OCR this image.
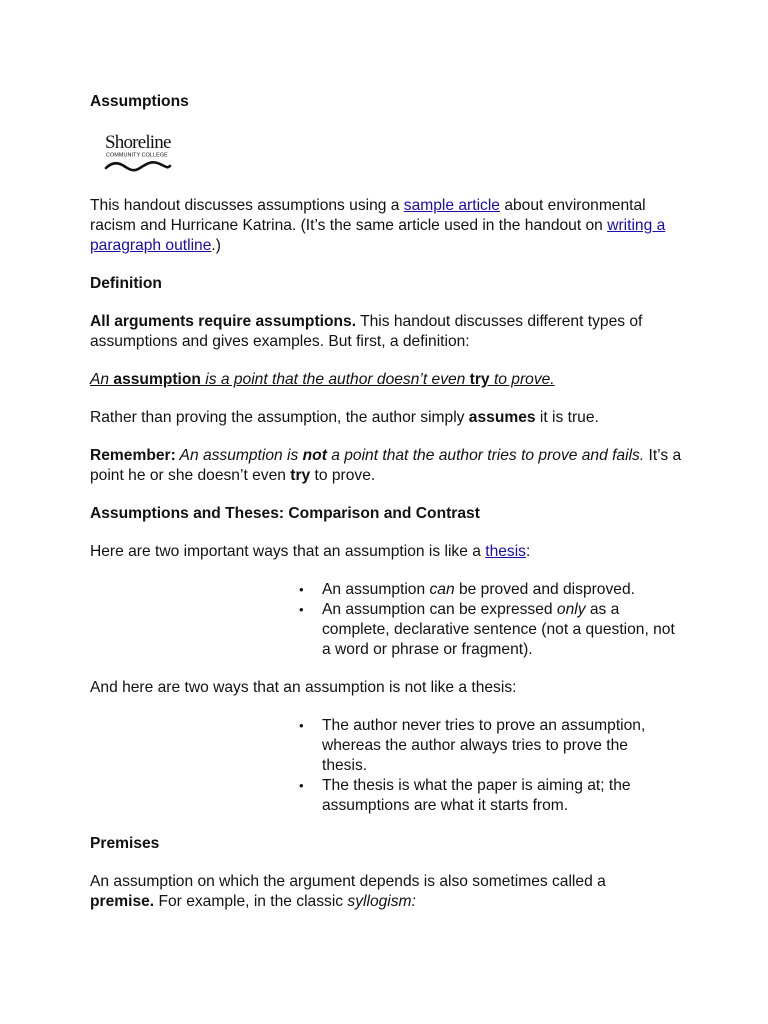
Assumptions

Shoreline
COMMUNITY COLLEGE

This handout discusses assumptions using a sample article about environmental racism and Hurricane Katrina. (It’s the same article used in the handout on writing a paragraph outline.)

Definition

All arguments require assumptions. This handout discusses different types of assumptions and gives examples. But first, a definition:

An assumption is a point that the author doesn’t even try to prove.

Rather than proving the assumption, the author simply assumes it is true.

Remember: An assumption is not a point that the author tries to prove and fails. It’s a point he or she doesn’t even try to prove.

Assumptions and Theses: Comparison and Contrast

Here are two important ways that an assumption is like a thesis:

• An assumption can be proved and disproved.
• An assumption can be expressed only as a complete, declarative sentence (not a question, not a word or phrase or fragment).

And here are two ways that an assumption is not like a thesis:

• The author never tries to prove an assumption, whereas the author always tries to prove the thesis.
• The thesis is what the paper is aiming at; the assumptions are what it starts from.

Premises

An assumption on which the argument depends is also sometimes called a premise. For example, in the classic syllogism:
